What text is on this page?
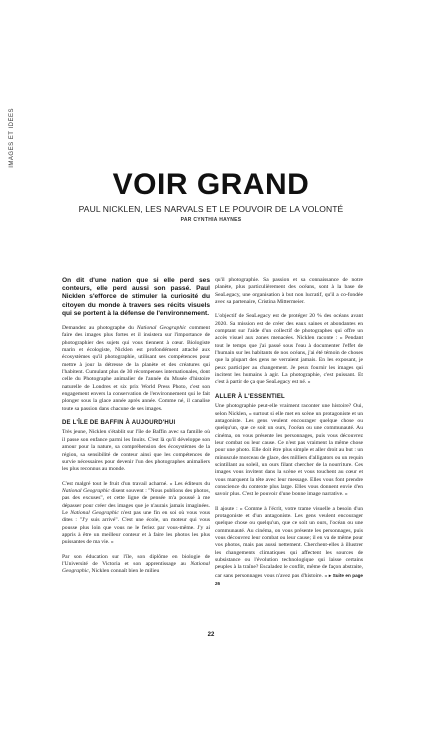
IMAGES ET IDÉES
VOIR GRAND
PAUL NICKLEN, LES NARVALS ET LE POUVOIR DE LA VOLONTÉ
PAR CYNTHIA HAYNES

On dit d'une nation que si elle perd ses conteurs, elle perd aussi son passé. Paul Nicklen s'efforce de stimuler la curiosité du citoyen du monde à travers ses récits visuels qui se portent à la défense de l'environnement.

Demandez au photographe du National Geographic comment faire des images plus fortes et il insistera sur l'importance de photographier des sujets qui vous tiennent à cœur. Biologiste marin et écologiste, Nicklen est profondément attaché aux écosystèmes qu'il photographie, utilisant ses compétences pour mettre à jour la détresse de la planète et des créatures qui l'habitent. Cumulant plus de 30 récompenses internationales, dont celle du Photographe animalier de l'année du Musée d'histoire naturelle de Londres et six prix World Press Photo, c'est son engagement envers la conservation de l'environnement qui le fait plonger sous la glace année après année. Comme né, il canalise toute sa passion dans chacune de ses images.

DE L'ÎLE DE BAFFIN À AUJOURD'HUI

Très jeune, Nicklen s'établit sur l'île de Baffin avec sa famille où il passe son enfance parmi les Inuits. C'est là qu'il développe son amour pour la nature, sa compréhension des écosystèmes de la région, sa sensibilité de conteur ainsi que les compétences de survie nécessaires pour devenir l'un des photographes animaliers les plus reconnus au monde.

C'est malgré tout le fruit d'un travail acharné. « Les éditeurs du National Geographic disent souvent : "Nous publions des photos, pas des excuses", et cette ligne de pensée m'a poussé à me dépasser pour créer des images que je n'aurais jamais imaginées. Le National Geographic n'est pas une fin en soi où vous vous dites : "J'y suis arrivé". C'est une école, un moteur qui vous pousse plus loin que vous ne le feriez par vous-même. J'y ai appris à être un meilleur conteur et à faire les photos les plus puissantes de ma vie. »

Par son éducation sur l'île, son diplôme en biologie de l'Université de Victoria et son apprentissage au National Geographic, Nicklen connaît bien le milieu

qu'il photographie. Sa passion et sa connaissance de notre planète, plus particulièrement des océans, sont à la base de SeaLegacy, une organisation à but non lucratif, qu'il a co-fondée avec sa partenaire, Cristina Mittermeier.

L'objectif de SeaLegacy est de protéger 20 % des océans avant 2020. Sa mission est de créer des eaux saines et abondantes en comptant sur l'aide d'un collectif de photographes qui offre un accès visuel aux zones menacées. Nicklen raconte : « Pendant tout le temps que j'ai passé sous l'eau à documenter l'effet de l'humain sur les habitants de nos océans, j'ai été témoin de choses que la plupart des gens ne verraient jamais. En les exposant, je peux participer au changement. Je peux fournir les images qui incitent les humains à agir. La photographie, c'est puissant. Et c'est à partir de ça que SeaLegacy est né. »

ALLER À L'ESSENTIEL

Une photographie peut-elle vraiment raconter une histoire? Oui, selon Nicklen, « surtout si elle met en scène un protagoniste et un antagoniste. Les gens veulent encourager quelque chose ou quelqu'un, que ce soit un ours, l'océan ou une communauté. Au cinéma, on vous présente les personnages, puis vous découvrez leur combat ou leur cause. Ce n'est pas vraiment la même chose pour une photo. Elle doit être plus simple et aller droit au but : un minuscule morceau de glace, des milliers d'alligators ou un requin scintillant au soleil, un ours filant chercher de la nourriture. Ces images vous invitent dans la scène et vous touchent au cœur et vous marquent la tête avec leur message. Elles vous font prendre conscience du contexte plus large. Elles vous donnent envie d'en savoir plus. C'est le pouvoir d'une bonne image narrative. »

Il ajoute : « Comme à l'écrit, votre trame visuelle a besoin d'un protagoniste et d'un antagoniste. Les gens veulent encourager quelque chose ou quelqu'un, que ce soit un ours, l'océan ou une communauté. Au cinéma, on vous présente les personnages, puis vous découvrez leur combat ou leur cause; il en va de même pour vos photos, mais pas aussi nettement. Cherchent-elles à illustrer les changements climatiques qui affectent les sources de subsistance ou l'évolution technologique qui laisse certains peuples à la traîne? Escaladez le conflit, même de façon abstraite, car sans personnages vous n'avez pas d'histoire. » ▸ Suite en page 26

22
